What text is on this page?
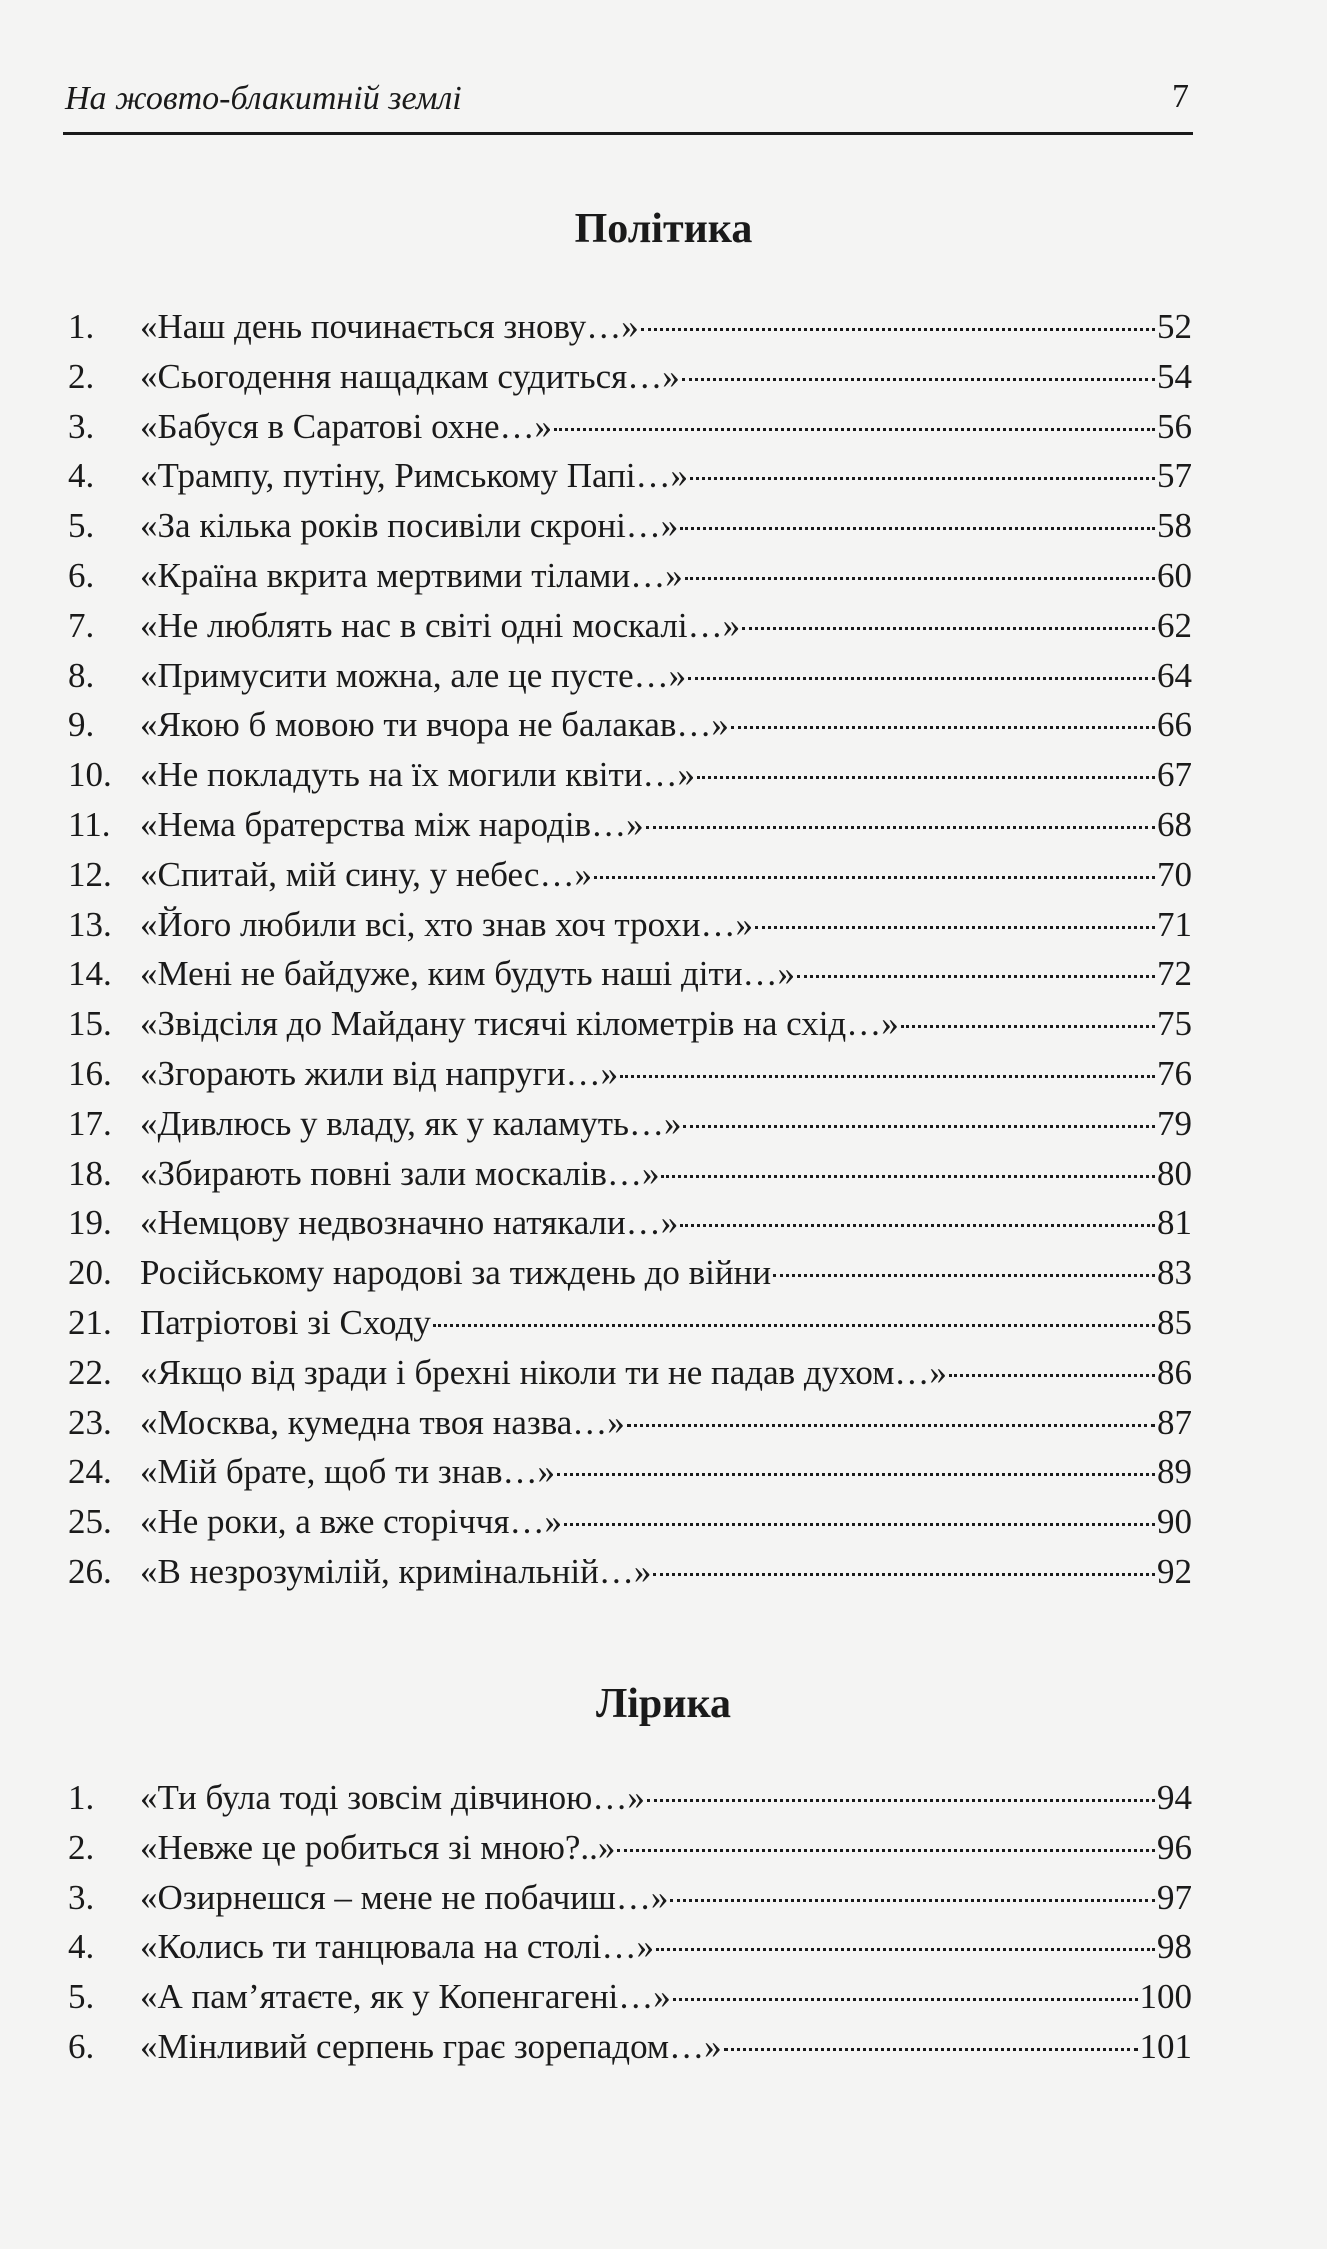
На жовто-блакитній землі	7
Політика
1.	«Наш день починається знову…»	52
2.	«Сьогодення нащадкам судиться…»	54
3.	«Бабуся в Саратові охне…»	56
4.	«Трампу, путіну, Римському Папі…»	57
5.	«За кілька років посивіли скроні…»	58
6.	«Країна вкрита мертвими тілами…»	60
7.	«Не люблять нас в світі одні москалі…»	62
8.	«Примусити можна, але це пусте…»	64
9.	«Якою б мовою ти вчора не балакав…»	66
10. «Не покладуть на їх могили квіти…»	67
11. «Нема братерства між народів…»	68
12. «Спитай, мій сину, у небес…»	70
13. «Його любили всі, хто знав хоч трохи…»	71
14. «Мені не байдуже, ким будуть наші діти…»	72
15. «Звідсіля до Майдану тисячі кілометрів на схід…»	75
16. «Згорають жили від напруги…»	76
17. «Дивлюсь у владу, як у каламуть…»	79
18. «Збирають повні зали москалів…»	80
19. «Немцову недвозначно натякали…»	81
20. Російському народові за тиждень до війни	83
21. Патріотові зі Сходу	85
22. «Якщо від зради і брехні ніколи ти не падав духом…»	86
23. «Москва, кумедна твоя назва…»	87
24. «Мій брате, щоб ти знав…»	89
25. «Не роки, а вже сторіччя…»	90
26. «В незрозумілій, кримінальній…»	92
Лірика
1.	«Ти була тоді зовсім дівчиною…»	94
2.	«Невже це робиться зі мною?..»	96
3.	«Озирнешся – мене не побачиш…»	97
4.	«Колись ти танцювала на столі…»	98
5.	«А пам’ятаєте, як у Копенгагені…»	100
6.	«Мінливий серпень грає зорепадом…»	101
